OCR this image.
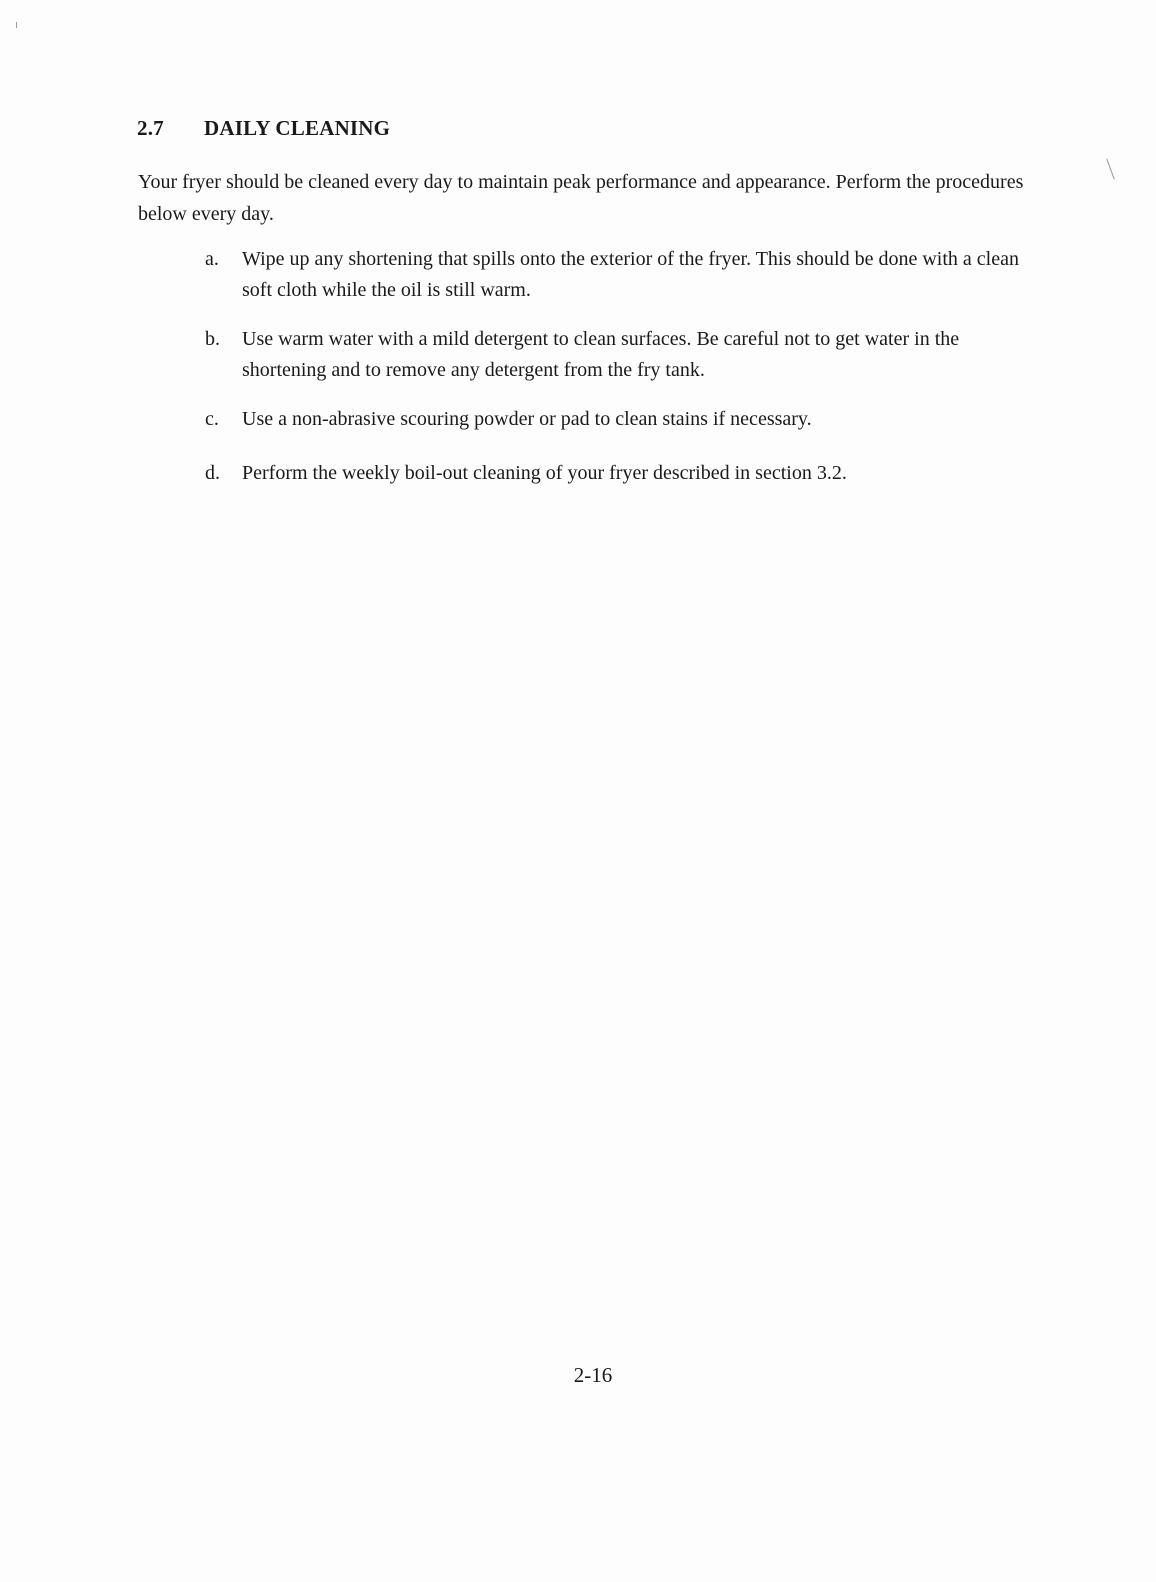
2.7 DAILY CLEANING
Your fryer should be cleaned every day to maintain peak performance and appearance. Perform the procedures below every day.
a. Wipe up any shortening that spills onto the exterior of the fryer. This should be done with a clean soft cloth while the oil is still warm.
b. Use warm water with a mild detergent to clean surfaces. Be careful not to get water in the shortening and to remove any detergent from the fry tank.
c. Use a non-abrasive scouring powder or pad to clean stains if necessary.
d. Perform the weekly boil-out cleaning of your fryer described in section 3.2.
2-16
